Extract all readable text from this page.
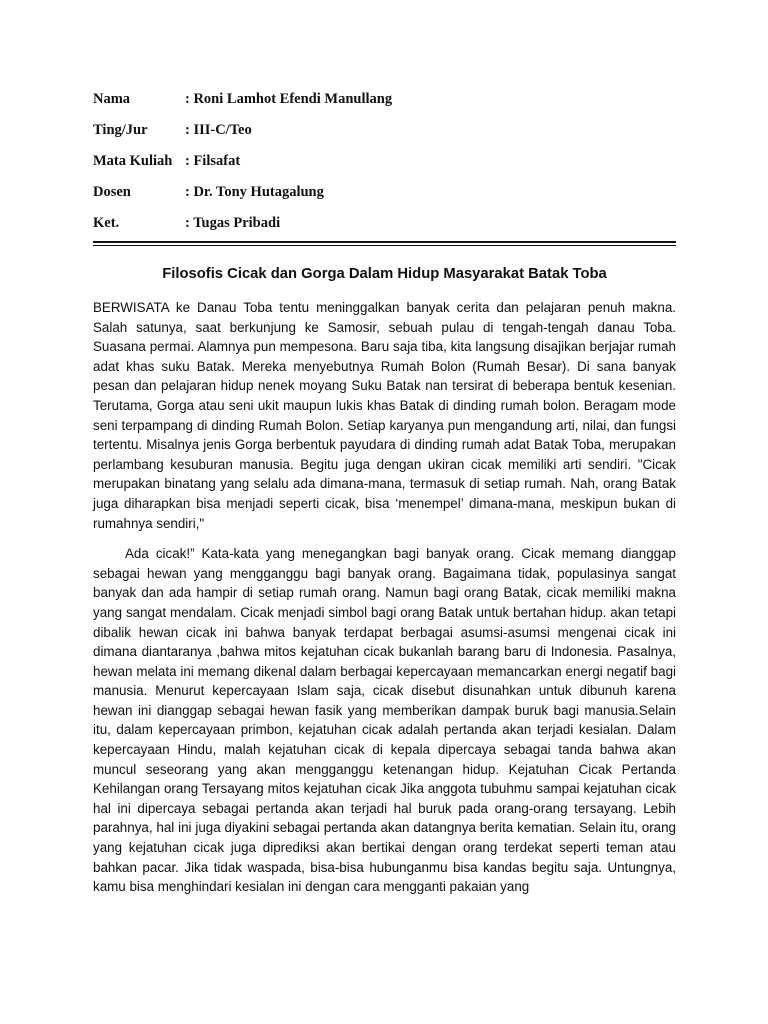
Nama	: Roni Lamhot Efendi Manullang
Ting/Jur	: III-C/Teo
Mata Kuliah : Filsafat
Dosen	: Dr. Tony Hutagalung
Ket.	: Tugas Pribadi
Filosofis Cicak dan Gorga Dalam Hidup Masyarakat Batak Toba

BERWISATA ke Danau Toba tentu meninggalkan banyak cerita dan pelajaran penuh makna. Salah satunya, saat berkunjung ke Samosir, sebuah pulau di tengah-tengah danau Toba. Suasana permai. Alamnya pun mempesona. Baru saja tiba, kita langsung disajikan berjajar rumah adat khas suku Batak. Mereka menyebutnya Rumah Bolon (Rumah Besar). Di sana banyak pesan dan pelajaran hidup nenek moyang Suku Batak nan tersirat di beberapa bentuk kesenian. Terutama, Gorga atau seni ukit maupun lukis khas Batak di dinding rumah bolon. Beragam mode seni terpampang di dinding Rumah Bolon. Setiap karyanya pun mengandung arti, nilai, dan fungsi tertentu. Misalnya jenis Gorga berbentuk payudara di dinding rumah adat Batak Toba, merupakan perlambang kesuburan manusia. Begitu juga dengan ukiran cicak memiliki arti sendiri. "Cicak merupakan binatang yang selalu ada dimana-mana, termasuk di setiap rumah. Nah, orang Batak juga diharapkan bisa menjadi seperti cicak, bisa ‘menempel’ dimana-mana, meskipun bukan di rumahnya sendiri,"

Ada cicak!” Kata-kata yang menegangkan bagi banyak orang. Cicak memang dianggap sebagai hewan yang mengganggu bagi banyak orang. Bagaimana tidak, populasinya sangat banyak dan ada hampir di setiap rumah orang. Namun bagi orang Batak, cicak memiliki makna yang sangat mendalam. Cicak menjadi simbol bagi orang Batak untuk bertahan hidup. akan tetapi dibalik hewan cicak ini bahwa banyak terdapat berbagai asumsi-asumsi mengenai cicak ini dimana diantaranya ,bahwa mitos kejatuhan cicak bukanlah barang baru di Indonesia. Pasalnya, hewan melata ini memang dikenal dalam berbagai kepercayaan memancarkan energi negatif bagi manusia. Menurut kepercayaan Islam saja, cicak disebut disunahkan untuk dibunuh karena hewan ini dianggap sebagai hewan fasik yang memberikan dampak buruk bagi manusia.Selain itu, dalam kepercayaan primbon, kejatuhan cicak adalah pertanda akan terjadi kesialan. Dalam kepercayaan Hindu, malah kejatuhan cicak di kepala dipercaya sebagai tanda bahwa akan muncul seseorang yang akan mengganggu ketenangan hidup. Kejatuhan Cicak Pertanda Kehilangan orang Tersayang mitos kejatuhan cicak Jika anggota tubuhmu sampai kejatuhan cicak hal ini dipercaya sebagai pertanda akan terjadi hal buruk pada orang-orang tersayang. Lebih parahnya, hal ini juga diyakini sebagai pertanda akan datangnya berita kematian. Selain itu, orang yang kejatuhan cicak juga diprediksi akan bertikai dengan orang terdekat seperti teman atau bahkan pacar. Jika tidak waspada, bisa-bisa hubunganmu bisa kandas begitu saja. Untungnya, kamu bisa menghindari kesialan ini dengan cara mengganti pakaian yang
